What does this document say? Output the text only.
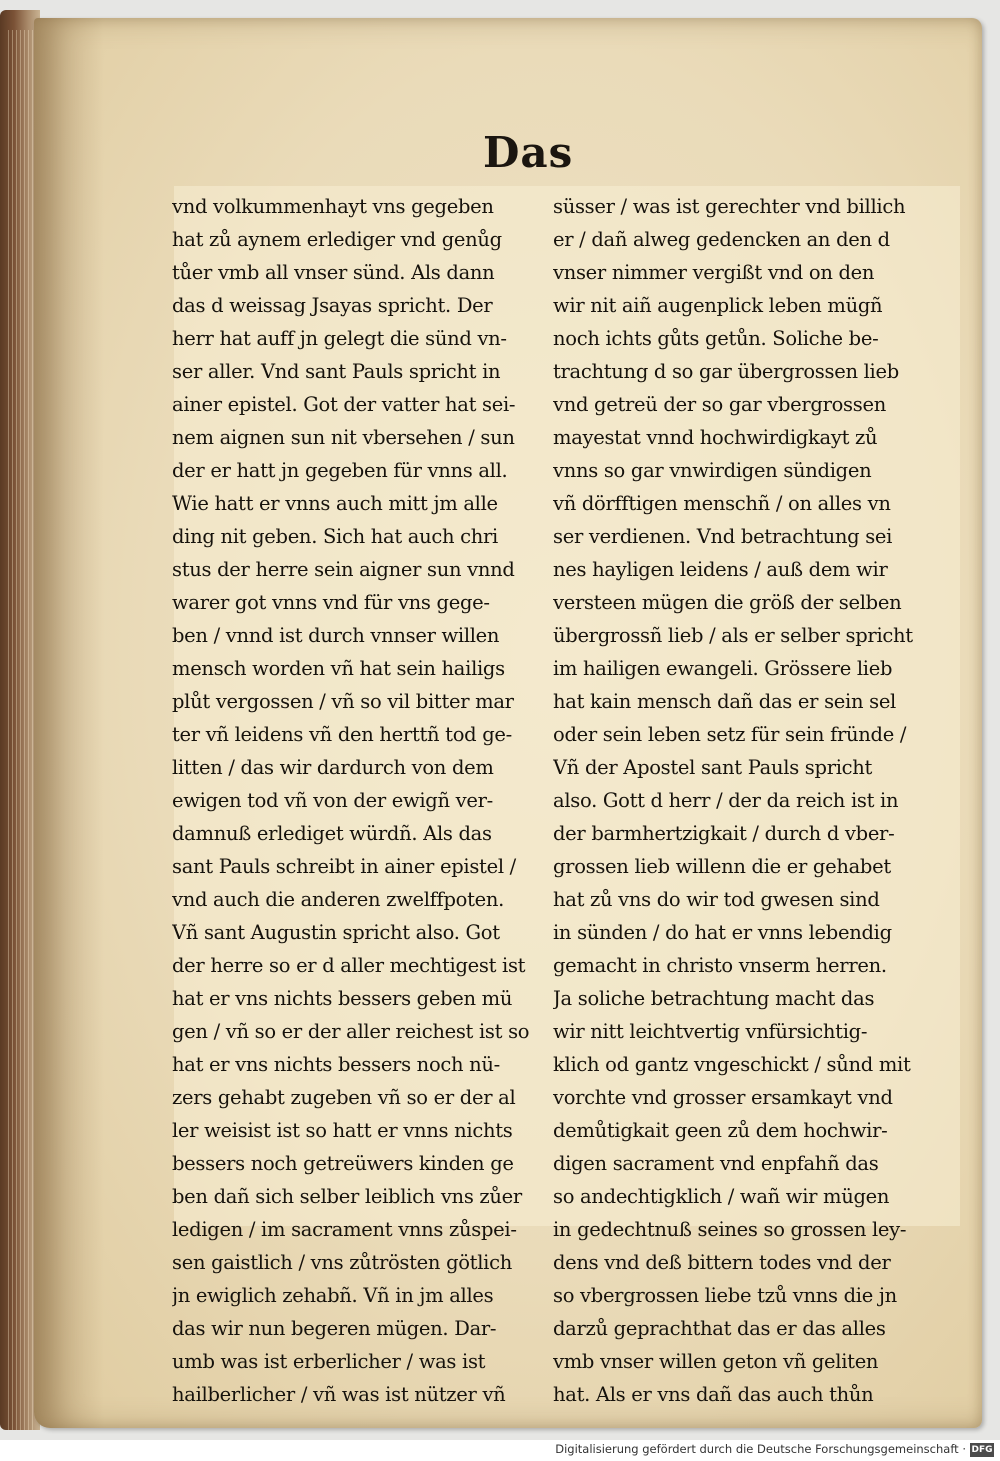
Das
vnd volkummenhayt vns gegeben
hat zů aynem erlediger vnd genůg
tůer vmb all vnser sünd. Als dann
das d weissag Jsayas spricht. Der
herr hat auff jn gelegt die sünd vn-
ser aller. Vnd sant Pauls spricht in
ainer epistel. Got der vatter hat sei-
nem aignen sun nit vbersehen / sun
der er hatt jn gegeben für vnns all.
Wie hatt er vnns auch mitt jm alle
ding nit geben. Sich hat auch chri
stus der herre sein aigner sun vnnd
warer got vnns vnd für vns gege-
ben / vnnd ist durch vnnser willen
mensch worden vñ hat sein hailigs
plůt vergossen / vñ so vil bitter mar
ter vñ leidens vñ den herttñ tod ge-
litten / das wir dardurch von dem
ewigen tod vñ von der ewigñ ver-
damnuß erlediget würdñ. Als das
sant Pauls schreibt in ainer epistel /
vnd auch die anderen zwelffpoten.
Vñ sant Augustin spricht also. Got
der herre so er d aller mechtigest ist
hat er vns nichts bessers geben mü
gen / vñ so er der aller reichest ist so
hat er vns nichts bessers noch nü-
zers gehabt zugeben vñ so er der al
ler weisist ist so hatt er vnns nichts
bessers noch getreüwers kinden ge
ben dañ sich selber leiblich vns zůer
ledigen / im sacrament vnns zůspei-
sen gaistlich / vns zůtrösten götlich
jn ewiglich zehabñ. Vñ in jm alles
das wir nun begeren mügen. Dar-
umb was ist erberlicher / was ist
hailberlicher / vñ was ist nützer vñ
süsser / was ist gerechter vnd billich
er / dañ alweg gedencken an den d
vnser nimmer vergißt vnd on den
wir nit aiñ augenplick leben mügñ
noch ichts gůts getůn. Soliche be-
trachtung d so gar übergrossen lieb
vnd getreü der so gar vbergrossen
mayestat vnnd hochwirdigkayt zů
vnns so gar vnwirdigen sündigen
vñ dörfftigen menschñ / on alles vn
ser verdienen. Vnd betrachtung sei
nes hayligen leidens / auß dem wir
versteen mügen die größ der selben
übergrossñ lieb / als er selber spricht
im hailigen ewangeli. Grössere lieb
hat kain mensch dañ das er sein sel
oder sein leben setz für sein fründe /
Vñ der Apostel sant Pauls spricht
also. Gott d herr / der da reich ist in
der barmhertzigkait / durch d vber-
grossen lieb willenn die er gehabet
hat zů vns do wir tod gwesen sind
in sünden / do hat er vnns lebendig
gemacht in christo vnserm herren.
Ja soliche betrachtung macht das
wir nitt leichtvertig vnfürsichtig-
klich od gantz vngeschickt / sůnd mit
vorchte vnd grosser ersamkayt vnd
demůtigkait geen zů dem hochwir-
digen sacrament vnd enpfahñ das
so andechtigklich / wañ wir mügen
in gedechtnuß seines so grossen ley-
dens vnd deß bittern todes vnd der
so vbergrossen liebe tzů vnns die jn
darzů geprachthat das er das alles
vmb vnser willen geton vñ geliten
hat. Als er vns dañ das auch thůn
Digitalisierung gefördert durch die Deutsche Forschungsgemeinschaft · DFG
